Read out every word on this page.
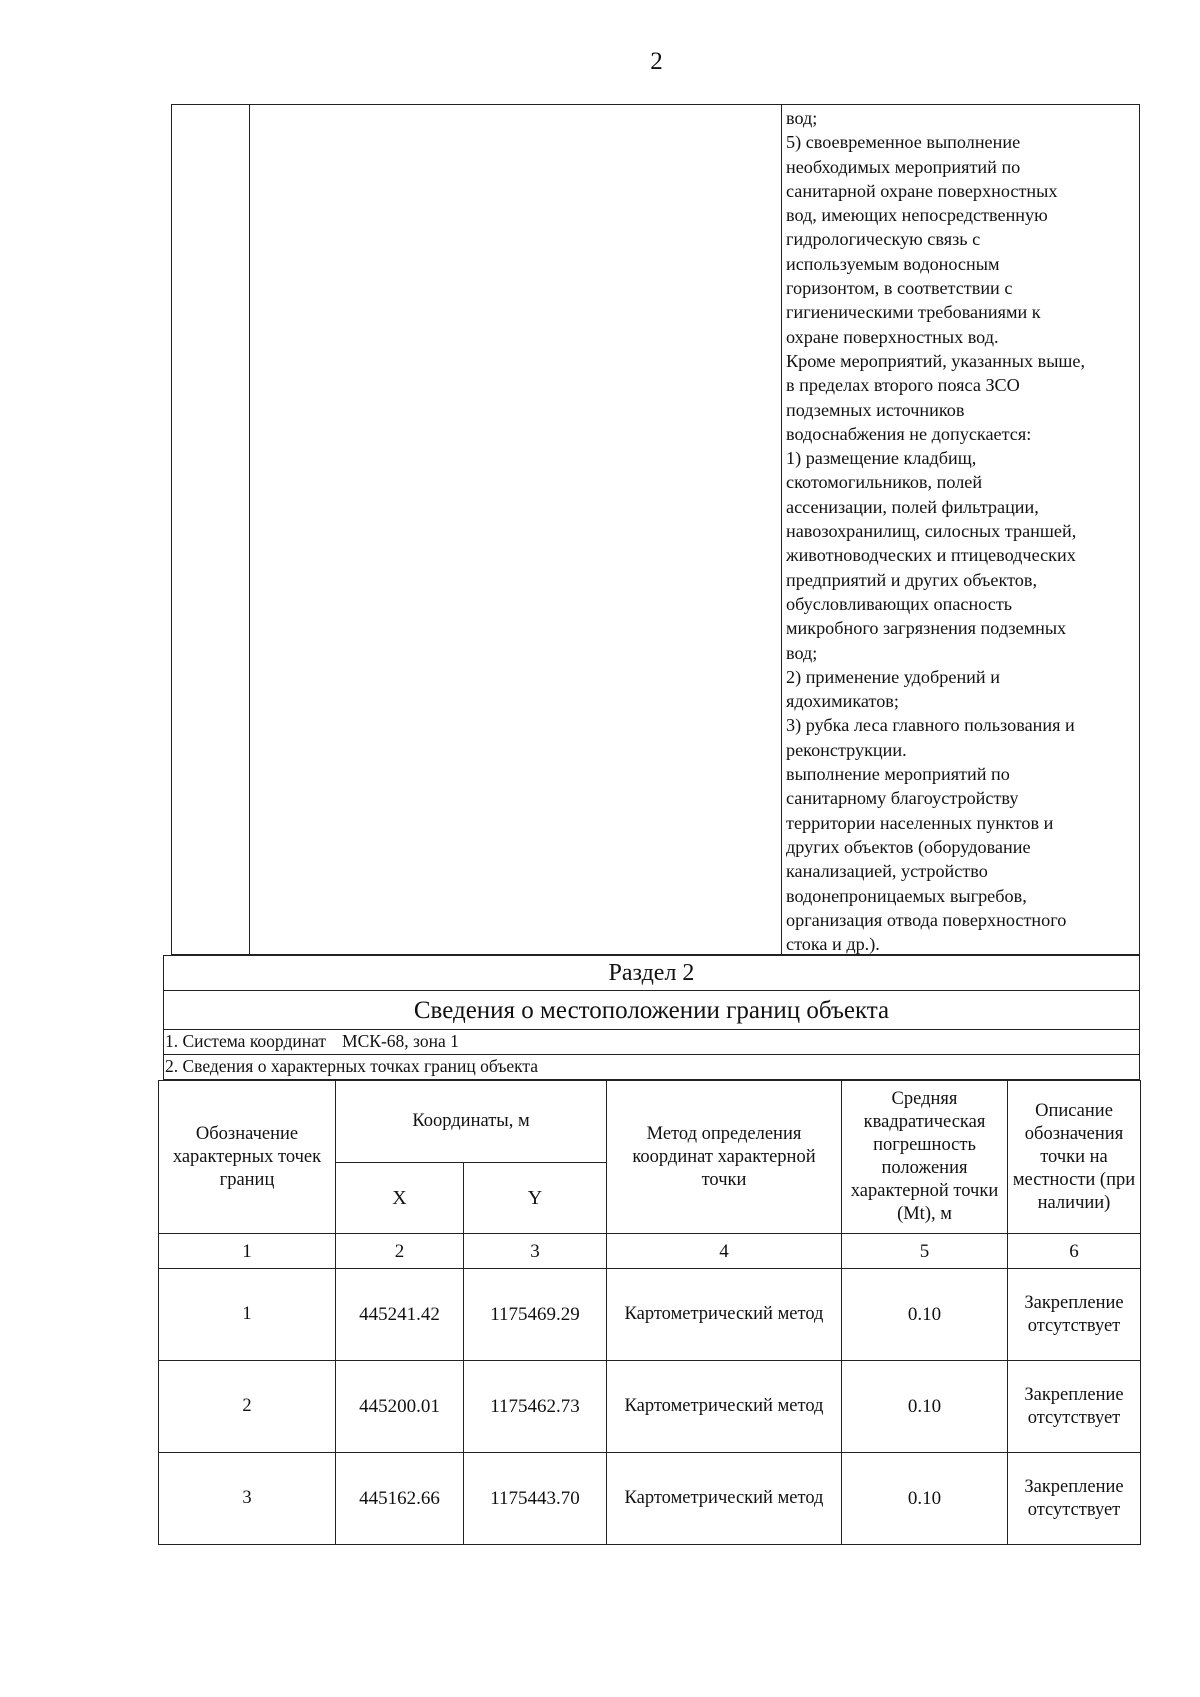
2
вод;
5) своевременное выполнение
необходимых мероприятий по
санитарной охране поверхностных
вод, имеющих непосредственную
гидрологическую связь с
используемым водоносным
горизонтом, в соответствии с
гигиеническими требованиями к
охране поверхностных вод.
Кроме мероприятий, указанных выше,
в пределах второго пояса ЗСО
подземных источников
водоснабжения не допускается:
1) размещение кладбищ,
скотомогильников, полей
ассенизации, полей фильтрации,
навозохранилищ, силосных траншей,
животноводческих и птицеводческих
предприятий и других объектов,
обусловливающих опасность
микробного загрязнения подземных
вод;
2) применение удобрений и
ядохимикатов;
3) рубка леса главного пользования и
реконструкции.
выполнение мероприятий по
санитарному благоустройству
территории населенных пунктов и
других объектов (оборудование
канализацией, устройство
водонепроницаемых выгребов,
организация отвода поверхностного
стока и др.).
Раздел 2
Сведения о местоположении границ объекта
1. Система координат МСК-68, зона 1
2. Сведения о характерных точках границ объекта
Обозначение характерных точек границ	Координаты, м		Метод определения координат характерной точки	Средняя квадратическая погрешность положения характерной точки (Mt), м	Описание обозначения точки на местности (при наличии)
	X	Y			
1	2	3	4	5	6
1	445241.42	1175469.29	Картометрический метод	0.10	Закрепление отсутствует
2	445200.01	1175462.73	Картометрический метод	0.10	Закрепление отсутствует
3	445162.66	1175443.70	Картометрический метод	0.10	Закрепление отсутствует
